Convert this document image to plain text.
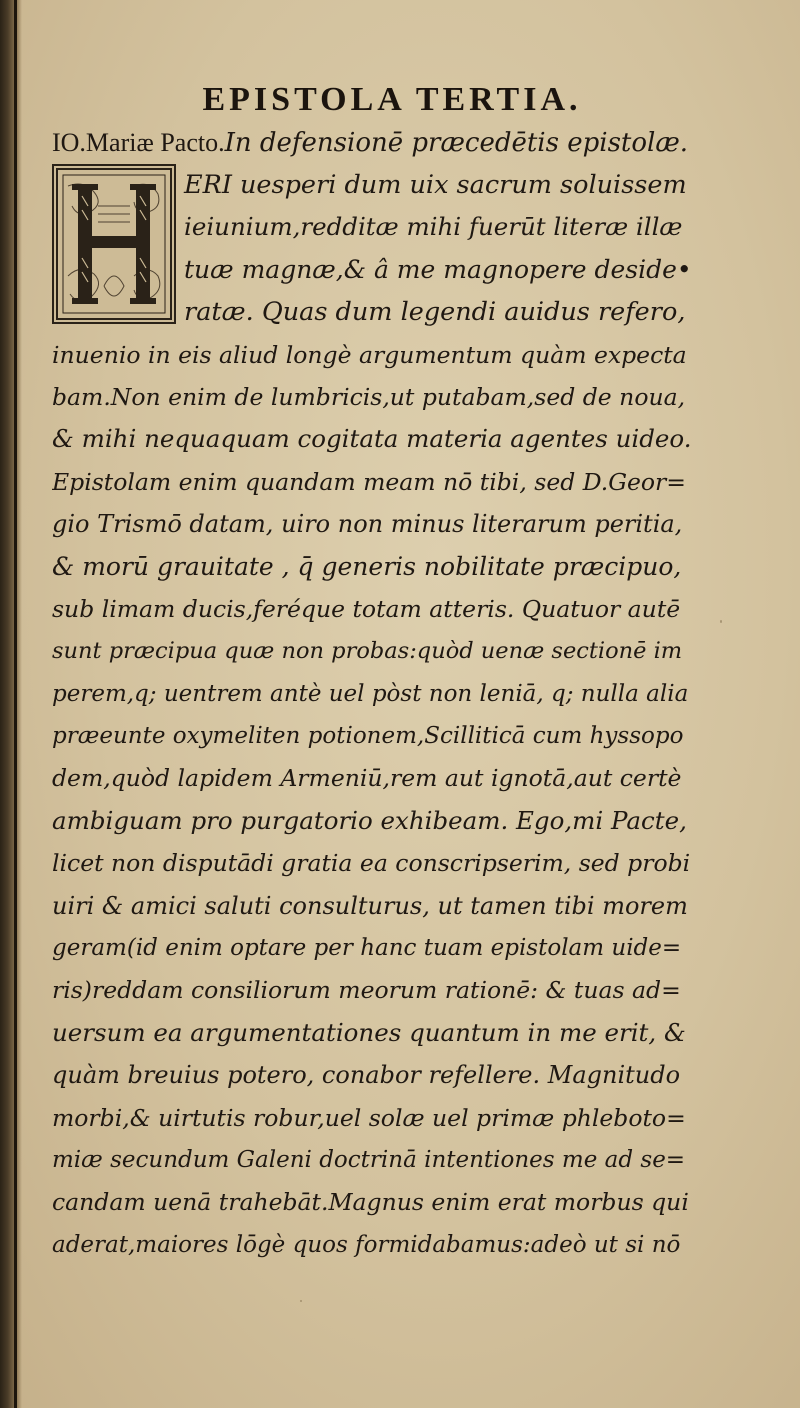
EPISTOLA TERTIA.
IO.Mariæ Pacto.In defensionē præcedētis epistolæ.
ERI uesperi dum uix sacrum soluissem
ieiunium,redditæ mihi fuerūt literæ illæ
tuæ magnæ,& â me magnopere deside•
ratæ. Quas dum legendi auidus refero,
inuenio in eis aliud longè argumentum quàm expecta
bam.Non enim de lumbricis,ut putabam,sed de noua,
& mihi nequaquam cogitata materia agentes uideo.
Epistolam enim quandam meam nō tibi, sed D.Geor=
gio Trismō datam, uiro non minus literarum peritia,
& morū grauitate , q̄ generis nobilitate præcipuo,
sub limam ducis,feréque totam atteris. Quatuor autē
sunt præcipua quæ non probas:quòd uenæ sectionē im
perem,q; uentrem antè uel pòst non leniā, q; nulla alia
præeunte oxymeliten potionem,Scilliticā cum hyssopo
dem,quòd lapidem Armeniū,rem aut ignotā,aut certè
ambiguam pro purgatorio exhibeam. Ego,mi Pacte,
licet non disputādi gratia ea conscripserim, sed probi
uiri & amici saluti consulturus, ut tamen tibi morem
geram(id enim optare per hanc tuam epistolam uide=
ris)reddam consiliorum meorum rationē: & tuas ad=
uersum ea argumentationes quantum in me erit, &
quàm breuius potero, conabor refellere. Magnitudo
morbi,& uirtutis robur,uel solæ uel primæ phleboto=
miæ secundum Galeni doctrinā intentiones me ad se=
candam uenā trahebāt.Magnus enim erat morbus qui
aderat,maiores lōgè quos formidabamus:adeò ut si nō
